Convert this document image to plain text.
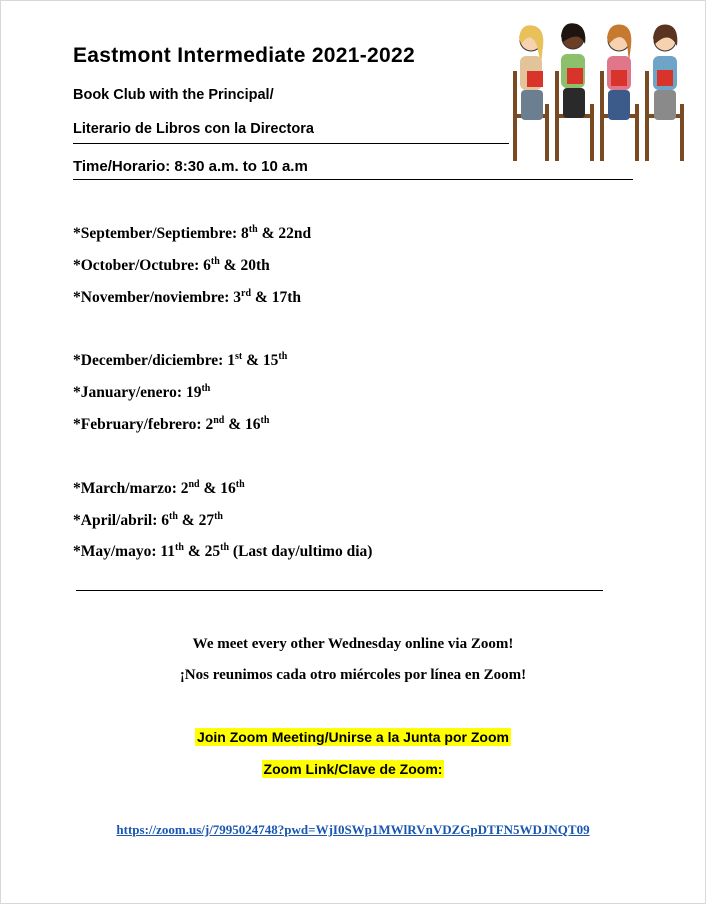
Eastmont Intermediate 2021-2022
Book Club with the Principal/
Literario de Libros con la Directora
Time/Horario: 8:30 a.m. to 10 a.m
*September/Septiembre: 8th & 22nd
*October/Octubre: 6th & 20th
*November/noviembre: 3rd & 17th
*December/diciembre: 1st & 15th
*January/enero: 19th
*February/febrero: 2nd & 16th
*March/marzo: 2nd & 16th
*April/abril: 6th & 27th
*May/mayo: 11th & 25th (Last day/ultimo dia)
We meet every other Wednesday online via Zoom!
¡Nos reunimos cada otro miércoles por línea en Zoom!
Join Zoom Meeting/Unirse a la Junta por Zoom
Zoom Link/Clave de Zoom:
https://zoom.us/j/7995024748?pwd=WjI0SWp1MWlRVnVDZGpDTFN5WDJNQT09
